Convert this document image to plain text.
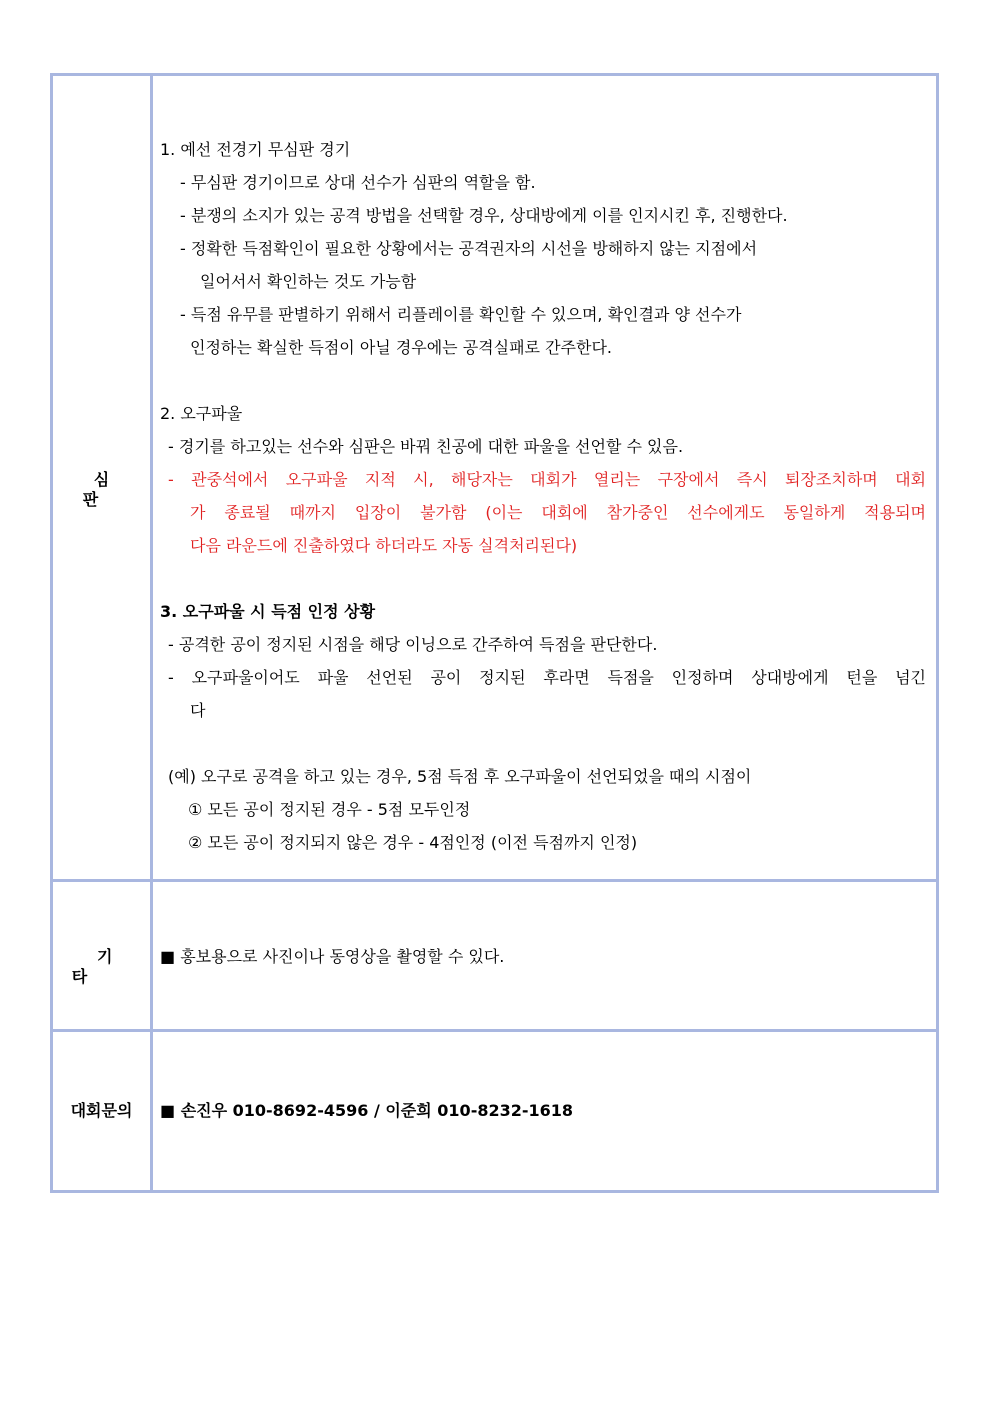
심 판
1. 예선 전경기 무심판 경기
- 무심판 경기이므로 상대 선수가 심판의 역할을 함.
- 분쟁의 소지가 있는 공격 방법을 선택할 경우, 상대방에게 이를 인지시킨 후, 진행한다.
- 정확한 득점확인이 필요한 상황에서는 공격권자의 시선을 방해하지 않는 지점에서
일어서서 확인하는 것도 가능함
- 득점 유무를 판별하기 위해서 리플레이를 확인할 수 있으며, 확인결과 양 선수가
인정하는 확실한 득점이 아닐 경우에는 공격실패로 간주한다.
2. 오구파울
- 경기를 하고있는 선수와 심판은 바꿔 친공에 대한 파울을 선언할 수 있음.
- 관중석에서 오구파울 지적 시, 해당자는 대회가 열리는 구장에서 즉시 퇴장조치하며 대회
가 종료될 때까지 입장이 불가함 (이는 대회에 참가중인 선수에게도 동일하게 적용되며
다음 라운드에 진출하였다 하더라도 자동 실격처리된다)
3. 오구파울 시 득점 인정 상황
- 공격한 공이 정지된 시점을 해당 이닝으로 간주하여 득점을 판단한다.
- 오구파울이어도 파울 선언된 공이 정지된 후라면 득점을 인정하며 상대방에게 턴을 넘긴
다
(예) 오구로 공격을 하고 있는 경우, 5점 득점 후 오구파울이 선언되었을 때의 시점이
① 모든 공이 정지된 경우 - 5점 모두인정
② 모든 공이 정지되지 않은 경우 - 4점인정 (이전 득점까지 인정)
기 타
■ 홍보용으로 사진이나 동영상을 촬영할 수 있다.
대회문의	■ 손진우 010-8692-4596 / 이준희 010-8232-1618
